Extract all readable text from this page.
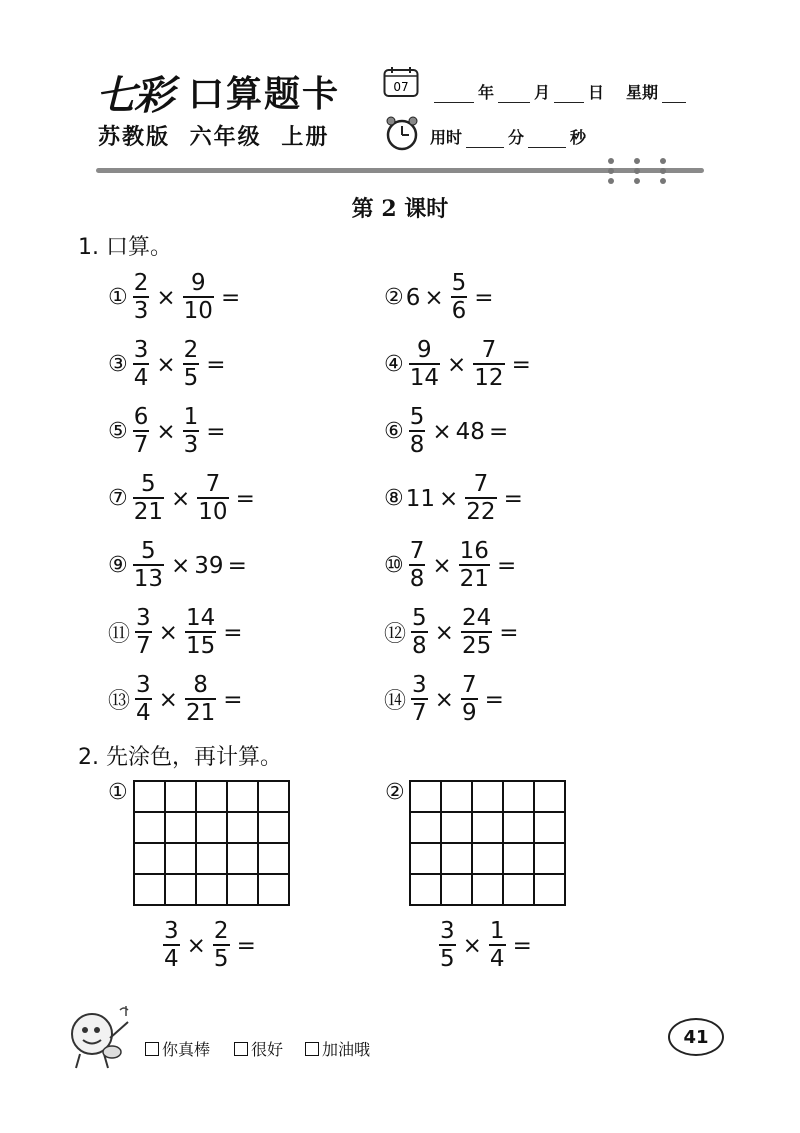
七彩 口算题卡
苏教版 六年级 上册
07	年	月 日 星期
用时	分	秒
第 2 课时
1. 口算。
① $\frac{2}{3} \times \frac{9}{10}$ =	② $6 \times \frac{5}{6}$ =
③ $\frac{3}{4} \times \frac{2}{5}$ =	④ $\frac{9}{14} \times \frac{7}{12}$ =
⑤ $\frac{6}{7} \times \frac{1}{3}$ =	⑥ $\frac{5}{8} \times 48$ =
⑦ $\frac{5}{21} \times \frac{7}{10}$ =	⑧ $11 \times \frac{7}{22}$ =
⑨ $\frac{5}{13} \times 39$ =	⑩ $\frac{7}{8} \times \frac{16}{21}$ =
⑪ $\frac{3}{7} \times \frac{14}{15}$ =	⑫ $\frac{5}{8} \times \frac{24}{25}$ =
⑬ $\frac{3}{4} \times \frac{8}{21}$ =	⑭ $\frac{3}{7} \times \frac{7}{9}$ =
2. 先涂色，再计算。
①	②
$\frac{3}{4} \times \frac{2}{5}$ =	$\frac{3}{5} \times \frac{1}{4}$ =
你真棒	很好 加油哦
41
